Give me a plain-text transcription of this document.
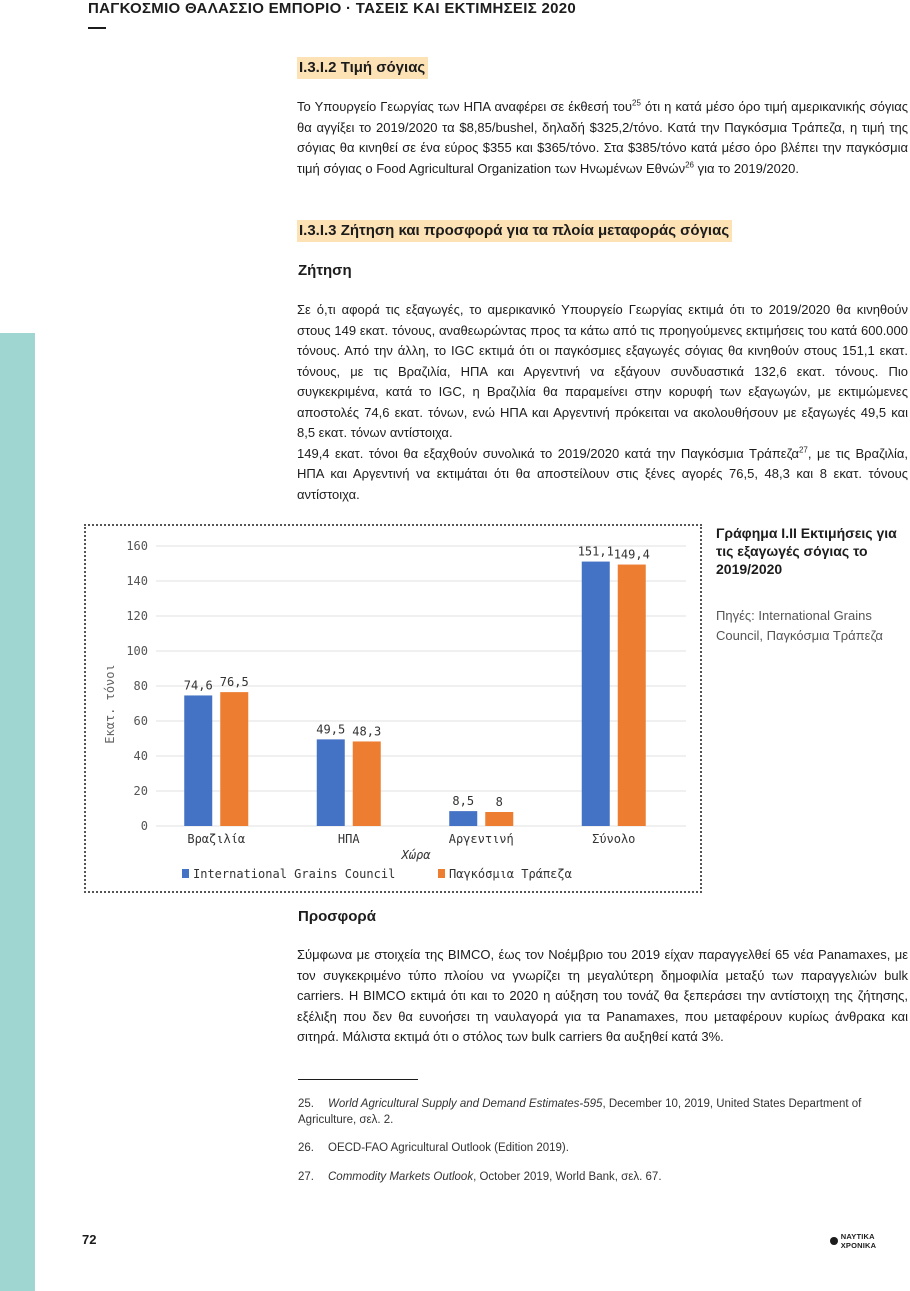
ΠΑΓΚΟΣΜΙΟ ΘΑΛΑΣΣΙΟ ΕΜΠΟΡΙΟ · ΤΑΣΕΙΣ ΚΑΙ ΕΚΤΙΜΗΣΕΙΣ 2020
Ι.3.Ι.2 Τιμή σόγιας

Το Υπουργείο Γεωργίας των ΗΠΑ αναφέρει σε έκθεσή του$^{25}$ ότι η κατά μέσο όρο τιμή αμερικανικής σόγιας θα αγγίξει το 2019/2020 τα $8,85/bushel, δηλαδή $325,2/τόνο. Κατά την Παγκόσμια Τράπεζα, η τιμή της σόγιας θα κινηθεί σε ένα εύρος $355 και $365/τόνο. Στα $385/τόνο κατά μέσο όρο βλέπει την παγκόσμια τιμή σόγιας ο Food Agricultural Organization των Ηνωμένων Εθνών$^{26}$ για το 2019/2020.

Ι.3.Ι.3 Ζήτηση και προσφορά για τα πλοία μεταφοράς σόγιας
Ζήτηση

Σε ό,τι αφορά τις εξαγωγές, το αμερικανικό Υπουργείο Γεωργίας εκτιμά ότι το 2019/2020 θα κινηθούν στους 149 εκατ. τόνους, αναθεωρώντας προς τα κάτω από τις προηγούμενες εκτιμήσεις του κατά 600.000 τόνους. Από την άλλη, το IGC εκτιμά ότι οι παγκόσμιες εξαγωγές σόγιας θα κινηθούν στους 151,1 εκατ. τόνους, με τις Βραζιλία, ΗΠΑ και Αργεντινή να εξάγουν συνδυαστικά 132,6 εκατ. τόνους. Πιο συγκεκριμένα, κατά το IGC, η Βραζιλία θα παραμείνει στην κορυφή των εξαγωγών, με εκτιμώμενες αποστολές 74,6 εκατ. τόνων, ενώ ΗΠΑ και Αργεντινή πρόκειται να ακολουθήσουν με εξαγωγές 49,5 και 8,5 εκατ. τόνων αντίστοιχα.

149,4 εκατ. τόνοι θα εξαχθούν συνολικά το 2019/2020 κατά την Παγκόσμια Τράπεζα$^{27}$, με τις Βραζιλία, ΗΠΑ και Αργεντινή να εκτιμάται ότι θα αποστείλουν στις ξένες αγορές 76,5, 48,3 και 8 εκατ. τόνους αντίστοιχα.

0
20
40
60
80
100
120
140
160
74,6 76,5
49,5 48,3
8,5 8
151,1 149,4
Βραζιλία	ΗΠΑ	Αργεντινή	Σύνολο
Εκατ. τόνοι
Χώρα
International Grains Council	Παγκόσμια Τράπεζα
Γράφημα Ι.ΙΙ Εκτιμήσεις για τις εξαγωγές σόγιας το 2019/2020
Πηγές: International Grains Council, Παγκόσμια Τράπεζα
Προσφορά

Σύμφωνα με στοιχεία της BIMCO, έως τον Νοέμβριο του 2019 είχαν παραγγελθεί 65 νέα Panamaxes, με τον συγκεκριμένο τύπο πλοίου να γνωρίζει τη μεγαλύτερη δημοφιλία μεταξύ των παραγγελιών bulk carriers. Η BIMCO εκτιμά ότι και το 2020 η αύξηση του τονάζ θα ξεπεράσει την αντίστοιχη της ζήτησης, εξέλιξη που δεν θα ευνοήσει τη ναυλαγορά για τα Panamaxes, που μεταφέρουν κυρίως άνθρακα και σιτηρά. Μάλιστα εκτιμά ότι ο στόλος των bulk carriers θα αυξηθεί κατά 3%.

25. World Agricultural Supply and Demand Estimates-595, December 10, 2019, United States Department of Agriculture, σελ. 2.
26. OECD-FAO Agricultural Outlook (Edition 2019).
27. Commodity Markets Outlook, October 2019, World Bank, σελ. 67.
72	ΝΑΥΤΙΚΑ ΧΡΟΝΙΚΑ
